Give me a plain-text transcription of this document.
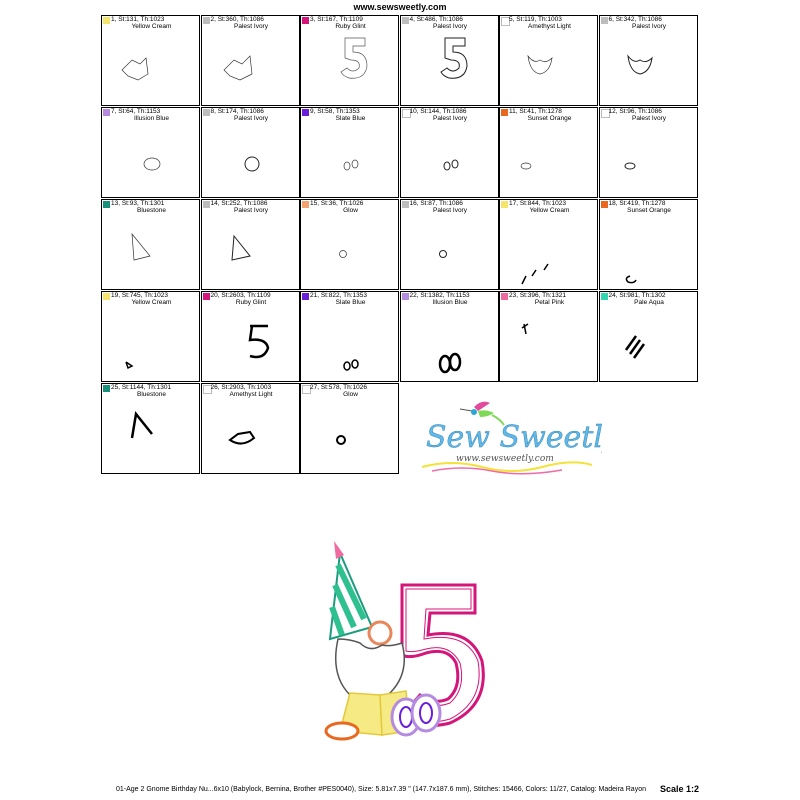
www.sewsweetly.com
1, St:131, Th:1023
Yellow Cream
2, St:360, Th:1086
Palest Ivory
3, St:167, Th:1109
Ruby Glint
4, St:486, Th:1086
Palest Ivory
5, St:119, Th:1003
Amethyst Light
6, St:342, Th:1086
Palest Ivory
7, St:64, Th:1153
Illusion Blue
8, St:174, Th:1086
Palest Ivory
9, St:58, Th:1353
Slate Blue
10, St:144, Th:1086
Palest Ivory
11, St:41, Th:1278
Sunset Orange
12, St:96, Th:1086
Palest Ivory
13, St:93, Th:1301
Bluestone
14, St:252, Th:1086
Palest Ivory
15, St:36, Th:1026
Glow
16, St:87, Th:1086
Palest Ivory
17, St:844, Th:1023
Yellow Cream
18, St:419, Th:1278
Sunset Orange
19, St:745, Th:1023
Yellow Cream
20, St:2603, Th:1109
Ruby Glint
21, St:822, Th:1353
Slate Blue
22, St:1382, Th:1153
Illusion Blue
23, St:396, Th:1321
Petal Pink
24, St:981, Th:1302
Pale Aqua
25, St:1144, Th:1301
Bluestone
26, St:2903, Th:1003
Amethyst Light
27, St:578, Th:1026
Glow
Sew Sweetly
www.sewsweetly.com
01-Age 2 Gnome Birthday Nu...6x10 (Babylock, Bernina, Brother #PES0040), Size: 5.81x7.39 " (147.7x187.6 mm), Stitches: 15466, Colors: 11/27, Catalog: Madeira Rayon Scale 1:2
